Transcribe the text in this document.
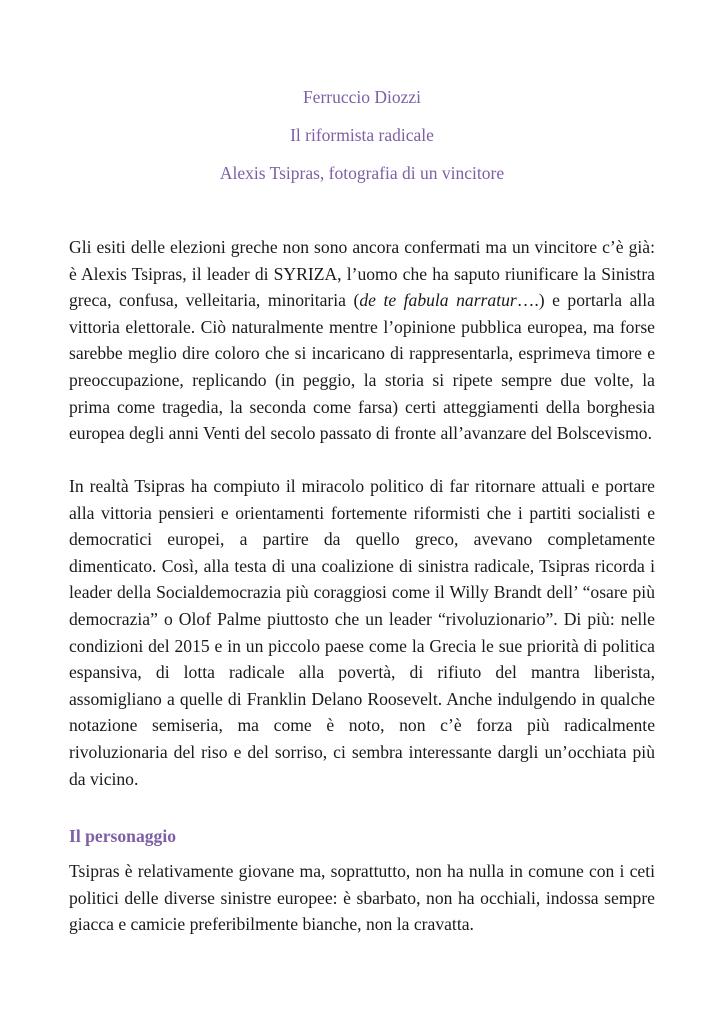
Ferruccio Diozzi

Il riformista radicale

Alexis Tsipras, fotografia di un vincitore

Gli esiti delle elezioni greche non sono ancora confermati ma un vincitore c’è già: è Alexis Tsipras, il leader di SYRIZA, l’uomo che ha saputo riunificare la Sinistra greca, confusa, velleitaria, minoritaria (de te fabula narratur….) e portarla alla vittoria elettorale. Ciò naturalmente mentre l’opinione pubblica europea, ma forse sarebbe meglio dire coloro che si incaricano di rappresentarla, esprimeva timore e preoccupazione, replicando (in peggio, la storia si ripete sempre due volte, la prima come tragedia, la seconda come farsa) certi atteggiamenti della borghesia europea degli anni Venti del secolo passato di fronte all’avanzare del Bolscevismo.

In realtà Tsipras ha compiuto il miracolo politico di far ritornare attuali e portare alla vittoria pensieri e orientamenti fortemente riformisti che i partiti socialisti e democratici europei, a partire da quello greco, avevano completamente dimenticato. Così, alla testa di una coalizione di sinistra radicale, Tsipras ricorda i leader della Socialdemocrazia più coraggiosi come il Willy Brandt dell’ “osare più democrazia” o Olof Palme piuttosto che un leader “rivoluzionario”. Di più: nelle condizioni del 2015 e in un piccolo paese come la Grecia le sue priorità di politica espansiva, di lotta radicale alla povertà, di rifiuto del mantra liberista, assomigliano a quelle di Franklin Delano Roosevelt. Anche indulgendo in qualche notazione semiseria, ma come è noto, non c’è forza più radicalmente rivoluzionaria del riso e del sorriso, ci sembra interessante dargli un’occhiata più da vicino.

Il personaggio

Tsipras è relativamente giovane ma, soprattutto, non ha nulla in comune con i ceti politici delle diverse sinistre europee: è sbarbato, non ha occhiali, indossa sempre giacca e camicie preferibilmente bianche, non la cravatta.
